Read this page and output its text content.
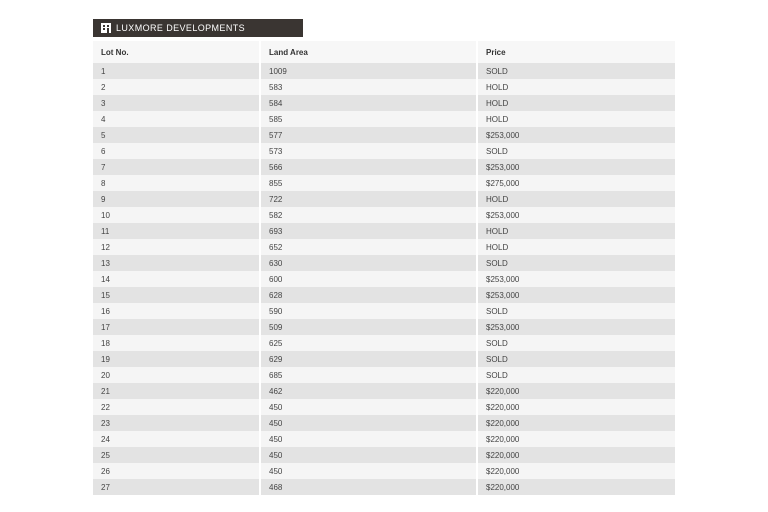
LUXMORE DEVELOPMENTS
Lot No.	Land Area	Price
1	1009	SOLD
2	583	HOLD
3	584	HOLD
4	585	HOLD
5	577	$253,000
6	573	SOLD
7	566	$253,000
8	855	$275,000
9	722	HOLD
10	582	$253,000
11	693	HOLD
12	652	HOLD
13	630	SOLD
14	600	$253,000
15	628	$253,000
16	590	SOLD
17	509	$253,000
18	625	SOLD
19	629	SOLD
20	685	SOLD
21	462	$220,000
22	450	$220,000
23	450	$220,000
24	450	$220,000
25	450	$220,000
26	450	$220,000
27	468	$220,000
